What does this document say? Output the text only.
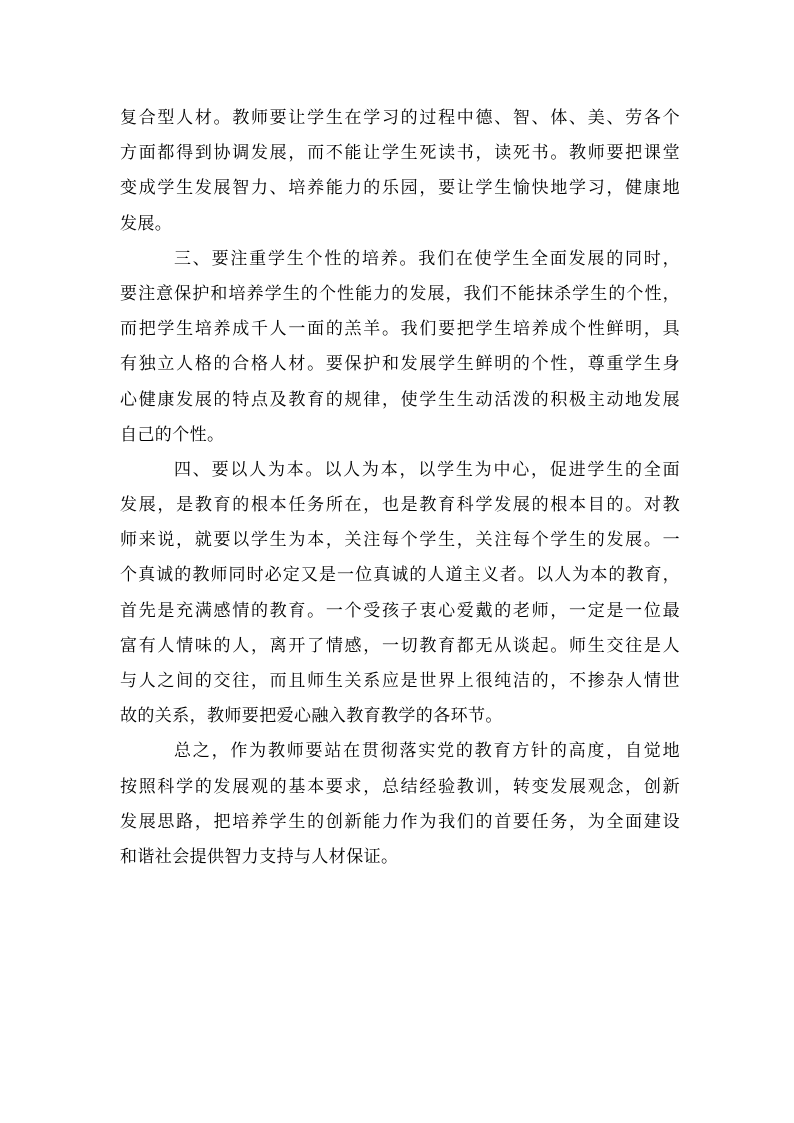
复合型人材。教师要让学生在学习的过程中德、智、体、美、劳各个
方面都得到协调发展，而不能让学生死读书，读死书。教师要把课堂
变成学生发展智力、培养能力的乐园，要让学生愉快地学习，健康地
发展。
三、要注重学生个性的培养。我们在使学生全面发展的同时，
要注意保护和培养学生的个性能力的发展，我们不能抹杀学生的个性，
而把学生培养成千人一面的羔羊。我们要把学生培养成个性鲜明，具
有独立人格的合格人材。要保护和发展学生鲜明的个性，尊重学生身
心健康发展的特点及教育的规律，使学生生动活泼的积极主动地发展
自己的个性。
四、要以人为本。以人为本，以学生为中心，促进学生的全面
发展，是教育的根本任务所在，也是教育科学发展的根本目的。对教
师来说，就要以学生为本，关注每个学生，关注每个学生的发展。一
个真诚的教师同时必定又是一位真诚的人道主义者。以人为本的教育，
首先是充满感情的教育。一个受孩子衷心爱戴的老师，一定是一位最
富有人情味的人，离开了情感，一切教育都无从谈起。师生交往是人
与人之间的交往，而且师生关系应是世界上很纯洁的，不掺杂人情世
故的关系，教师要把爱心融入教育教学的各环节。
总之，作为教师要站在贯彻落实党的教育方针的高度，自觉地
按照科学的发展观的基本要求，总结经验教训，转变发展观念，创新
发展思路，把培养学生的创新能力作为我们的首要任务，为全面建设
和谐社会提供智力支持与人材保证。
